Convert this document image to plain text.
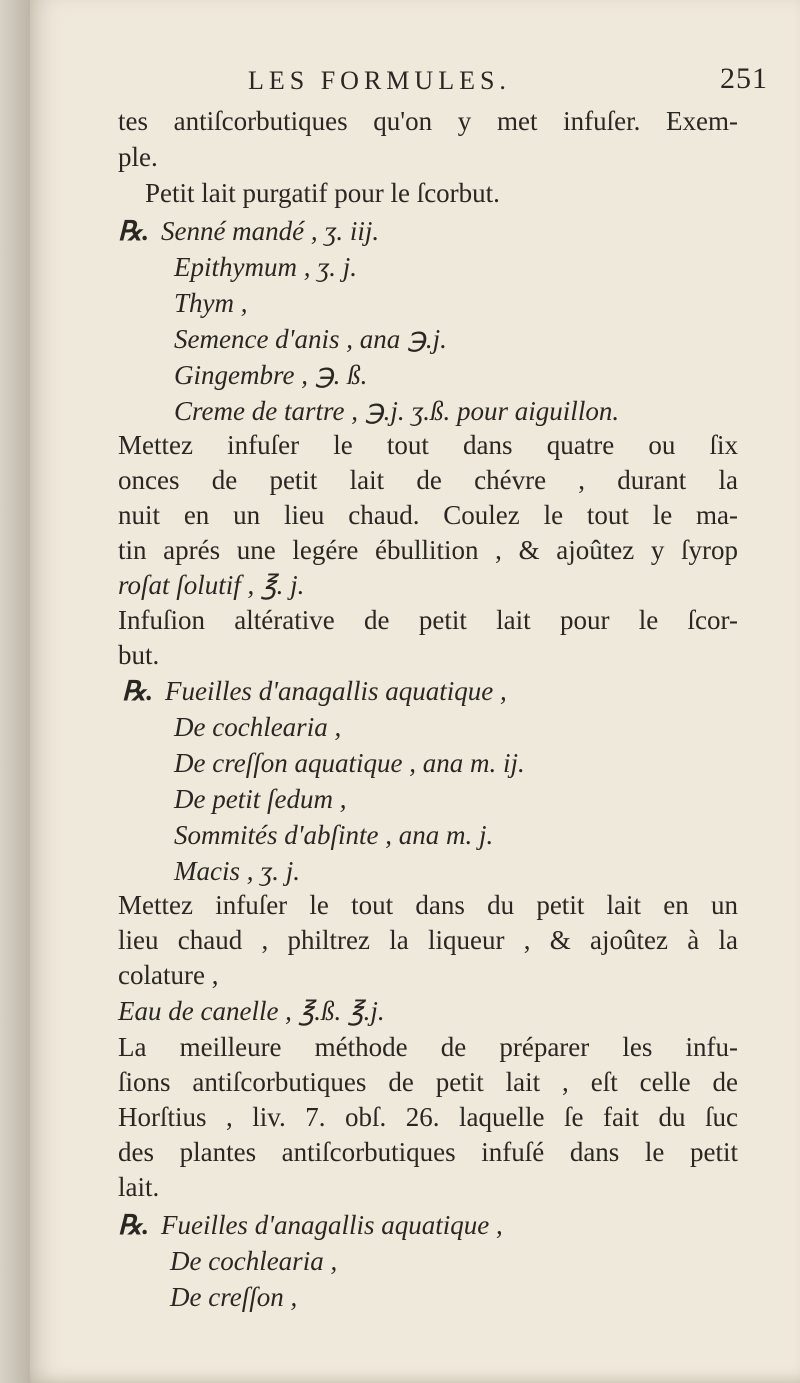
LES FORMULES.	251
tes antiſcorbutiques qu'on y met infuſer. Exem-
ple.
Petit lait purgatif pour le ſcorbut.
℞. Senné mandé , ʒ. iij.
Epithymum , ʒ. j.
Thym ,
Semence d'anis , ana ℈.j.
Gingembre , ℈. ß.
Creme de tartre , ℈.j. ʒ.ß. pour aiguillon.
Mettez infuſer le tout dans quatre ou ſix
onces de petit lait de chévre , durant la
nuit en un lieu chaud. Coulez le tout le ma-
tin aprés une legére ébullition , & ajoûtez y ſyrop
roſat ſolutif , ℥. j.
Infuſion altérative de petit lait pour le ſcor-
but.
℞. Fueilles d'anagallis aquatique ,
De cochlearia ,
De creſſon aquatique , ana m. ij.
De petit ſedum ,
Sommités d'abſinte , ana m. j.
Macis , ʒ. j.
Mettez infuſer le tout dans du petit lait en un
lieu chaud , philtrez la liqueur , & ajoûtez à la
colature ,
Eau de canelle , ℥.ß. ℥.j.
La meilleure méthode de préparer les infu-
ſions antiſcorbutiques de petit lait , eſt celle de
Horſtius , liv. 7. obſ. 26. laquelle ſe fait du ſuc
des plantes antiſcorbutiques infuſé dans le petit
lait.
℞. Fueilles d'anagallis aquatique ,
De cochlearia ,
De creſſon ,
